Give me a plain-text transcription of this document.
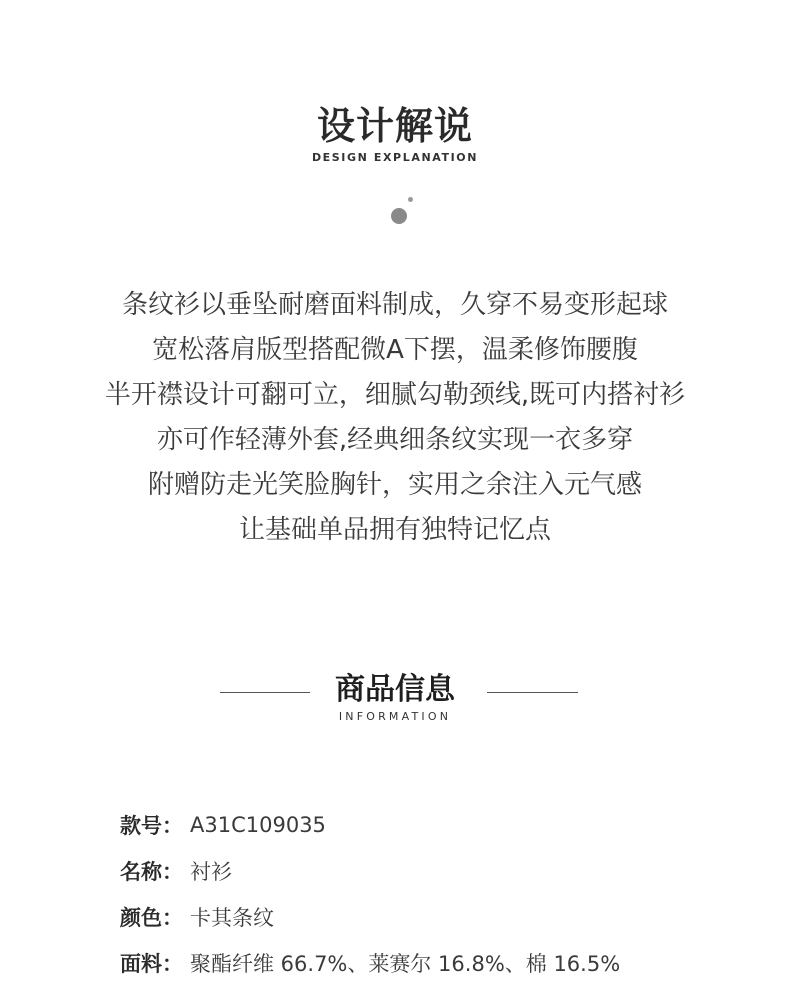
设计解说
DESIGN EXPLANATION
条纹衫以垂坠耐磨面料制成，久穿不易变形起球
宽松落肩版型搭配微A下摆，温柔修饰腰腹
半开襟设计可翻可立，细腻勾勒颈线,既可内搭衬衫
亦可作轻薄外套,经典细条纹实现一衣多穿
附赠防走光笑脸胸针，实用之余注入元气感
让基础单品拥有独特记忆点
商品信息
INFORMATION
款号： A31C109035
名称： 衬衫
颜色： 卡其条纹
面料： 聚酯纤维 66.7%、莱赛尔 16.8%、棉 16.5%
